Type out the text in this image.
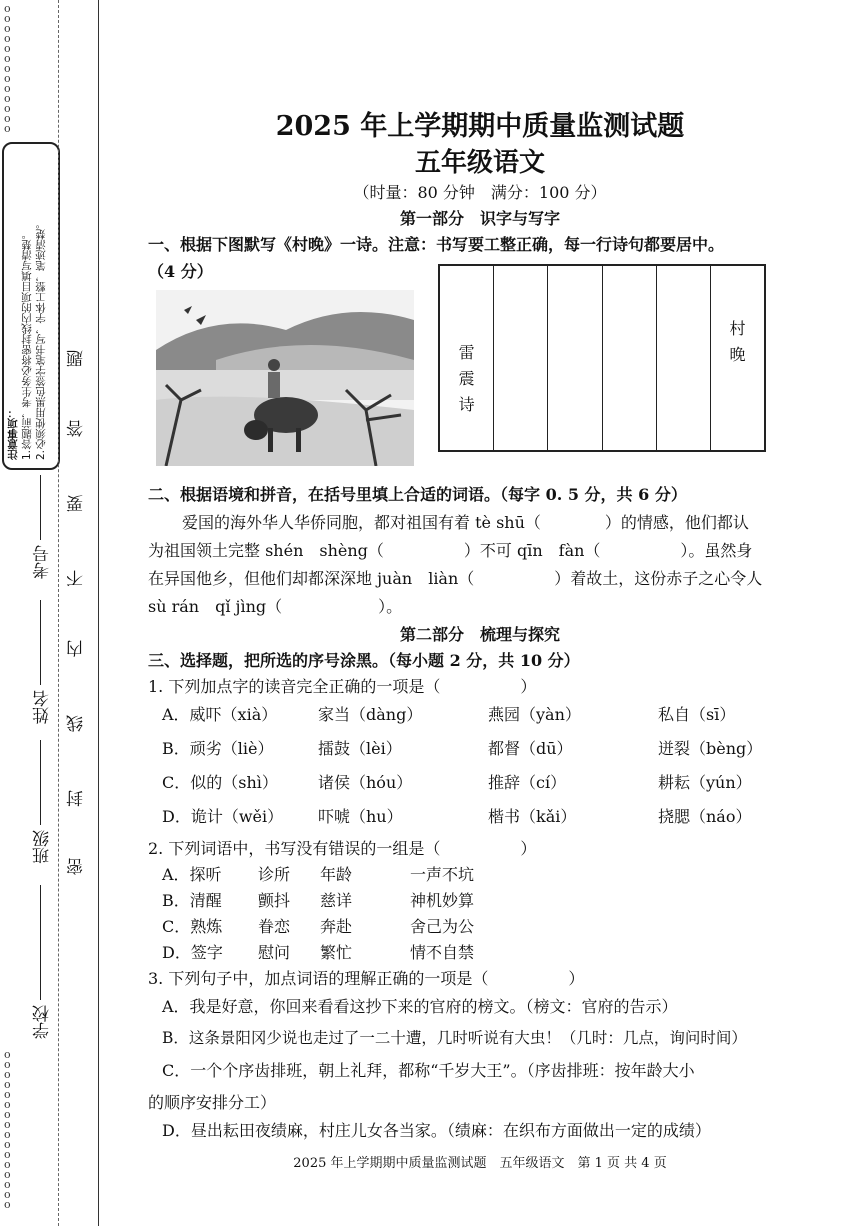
o
o
o
o
o
o
o
o
o
o
o
o
o
o
o
o
o
o
o
o
o
o
o
o
o
o
o
o
o
注意事项： 1.答题前，考生务必将密封线内的项目填写清楚。 2.必须使用黑色签字笔书写，字体工整，笔迹清楚。
考号
姓名
班级
学校
题
答
要
不
内
线
封
密
2025 年上学期期中质量监测试题
五年级语文
（时量：80 分钟　满分：100 分）
第一部分　识字与写字
一、根据下图默写《村晚》一诗。注意：书写要工整正确，每一行诗句都要居中。
（4 分）
雷
震
诗
村
晚
二、根据语境和拼音，在括号里填上合适的词语。（每字 0. 5 分，共 6 分）
爱国的海外华人华侨同胞，都对祖国有着 tè shū（　　　　）的情感，他们都认
为祖国领土完整 shén　shèng（　　　　　）不可 qīn　fàn（　　　　　）。虽然身
在异国他乡，但他们却都深深地 juàn　liàn（　　　　　）着故土，这份赤子之心令人
sù rán　qǐ jìng（　　　　　　）。
第二部分　梳理与探究
三、选择题，把所选的序号涂黑。（每小题 2 分，共 10 分）
1. 下列加点字的读音完全正确的一项是（　　　　　）
A．威吓（xià）	家当（dàng）	燕园（yàn）	私自（sī）
B．顽劣（liè）	擂鼓（lèi）	都督（dū）	迸裂（bèng）
C．似的（shì）	诸侯（hóu）	推辞（cí）	耕耘（yún）
D．诡计（wěi） 吓唬（hu）	楷书（kǎi）	挠腮（náo）
2. 下列词语中，书写没有错误的一组是（　　　　　）
A．探听 诊所 年龄	一声不坑
B．清醒 颤抖 慈详	神机妙算
C．熟炼 眷恋 奔赴	舍己为公
D．签字 慰问 繁忙	情不自禁
3. 下列句子中，加点词语的理解正确的一项是（　　　　　）
A．我是好意，你回来看看这抄下来的官府的榜文。（榜文：官府的告示）
B．这条景阳冈少说也走过了一二十遭，几时听说有大虫！（几时：几点，询问时间）
C．一个个序齿排班，朝上礼拜，都称“千岁大王”。（序齿排班：按年龄大小
的顺序安排分工）
D．昼出耘田夜绩麻，村庄儿女各当家。（绩麻：在织布方面做出一定的成绩）
2025 年上学期期中质量监测试题　五年级语文　第 1 页 共 4 页
